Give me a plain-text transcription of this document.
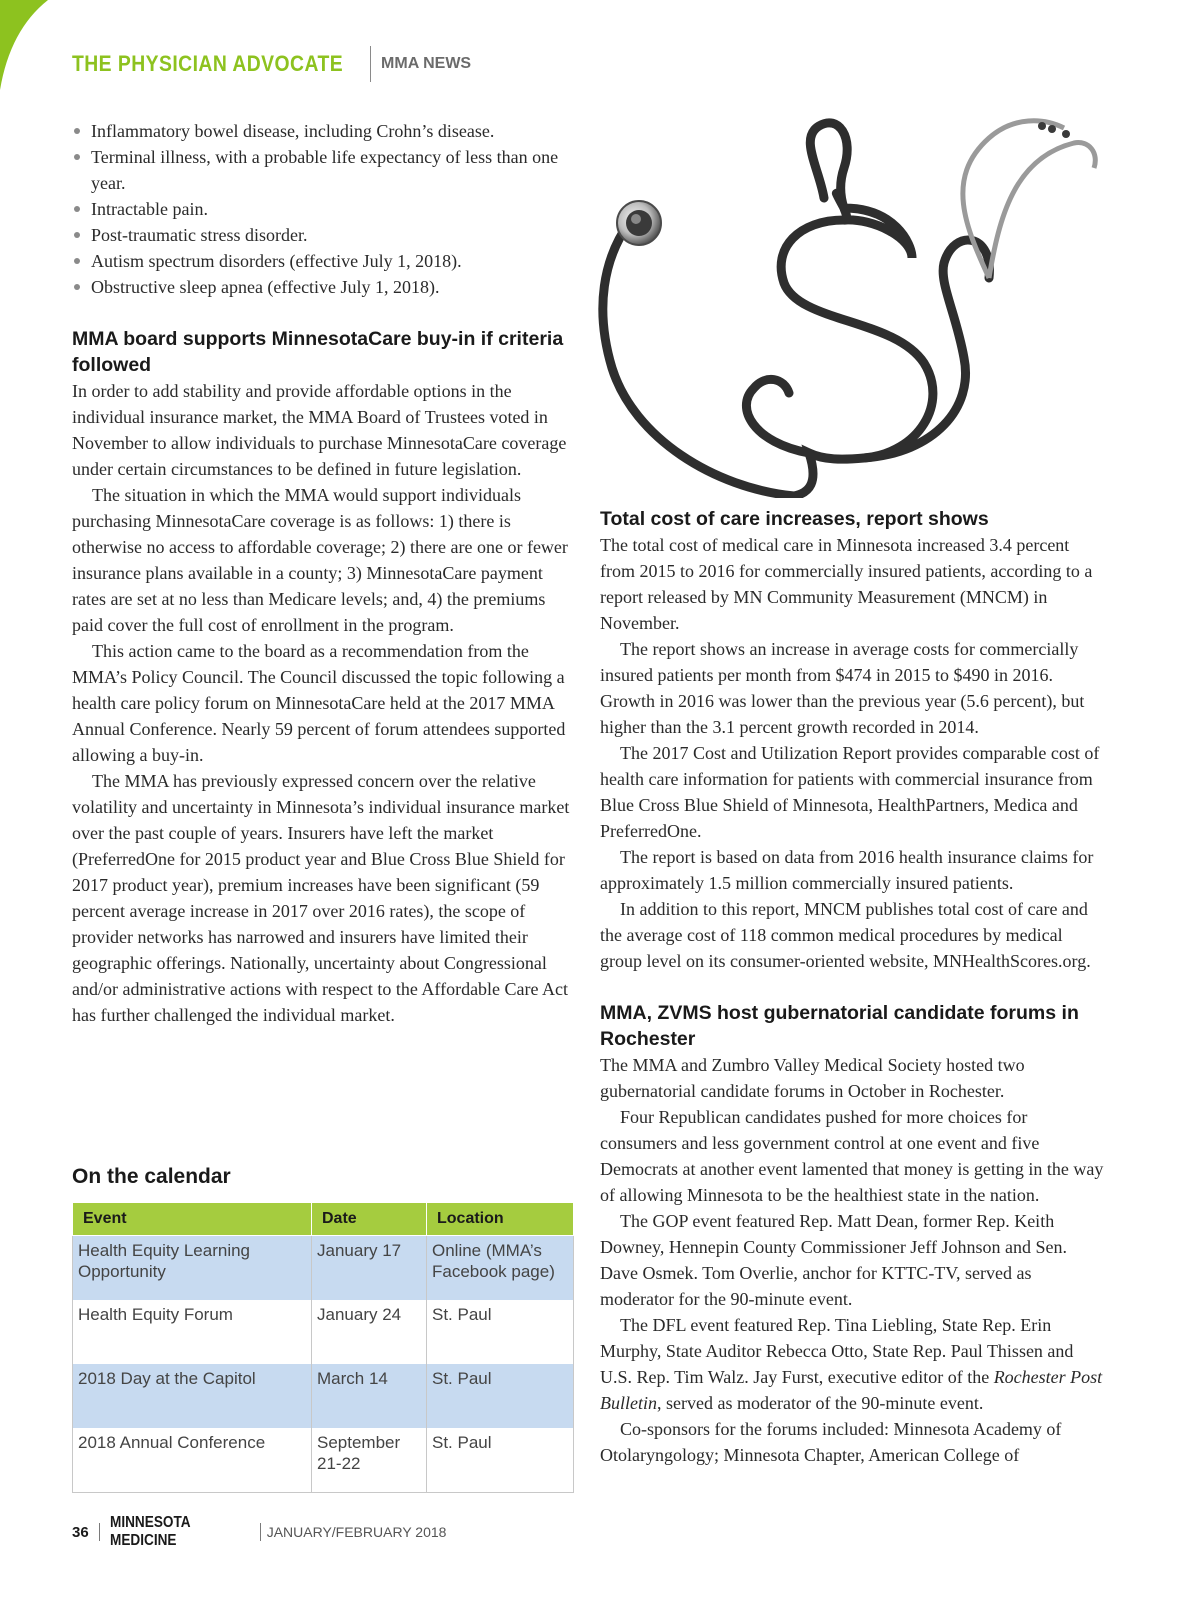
THE PHYSICIAN ADVOCATE MMA NEWS
Inflammatory bowel disease, including Crohn’s disease.
Terminal illness, with a probable life expectancy of less than one year.
Intractable pain.
Post-traumatic stress disorder.
Autism spectrum disorders (effective July 1, 2018).
Obstructive sleep apnea (effective July 1, 2018).
MMA board supports MinnesotaCare buy-in if criteria followed

In order to add stability and provide affordable options in the individual insurance market, the MMA Board of Trustees voted in November to allow individuals to purchase MinnesotaCare coverage under certain circumstances to be defined in future legislation.

The situation in which the MMA would support individuals purchasing MinnesotaCare coverage is as follows: 1) there is otherwise no access to affordable coverage; 2) there are one or fewer insurance plans available in a county; 3) MinnesotaCare payment rates are set at no less than Medicare levels; and, 4) the premiums paid cover the full cost of enrollment in the program.

This action came to the board as a recommendation from the MMA’s Policy Council. The Council discussed the topic following a health care policy forum on MinnesotaCare held at the 2017 MMA Annual Conference. Nearly 59 percent of forum attendees supported allowing a buy-in.

The MMA has previously expressed concern over the relative volatility and uncertainty in Minnesota’s individual insurance market over the past couple of years. Insurers have left the market (PreferredOne for 2015 product year and Blue Cross Blue Shield for 2017 product year), premium increases have been significant (59 percent average increase in 2017 over 2016 rates), the scope of provider networks has narrowed and insurers have limited their geographic offerings. Nationally, uncertainty about Congressional and/or administrative actions with respect to the Affordable Care Act has further challenged the individual market.

On the calendar
Event	Date	Location
Health Equity Learning Opportunity	January 17	Online (MMA’s Facebook page)
Health Equity Forum	January 24	St. Paul
2018 Day at the Capitol	March 14	St. Paul
2018 Annual Conference	September 21-22	St. Paul
Total cost of care increases, report shows

The total cost of medical care in Minnesota increased 3.4 percent from 2015 to 2016 for commercially insured patients, according to a report released by MN Community Measurement (MNCM) in November.

The report shows an increase in average costs for commercially insured patients per month from $474 in 2015 to $490 in 2016. Growth in 2016 was lower than the previous year (5.6 percent), but higher than the 3.1 percent growth recorded in 2014.

The 2017 Cost and Utilization Report provides comparable cost of health care information for patients with commercial insurance from Blue Cross Blue Shield of Minnesota, HealthPartners, Medica and PreferredOne.

The report is based on data from 2016 health insurance claims for approximately 1.5 million commercially insured patients.

In addition to this report, MNCM publishes total cost of care and the average cost of 118 common medical procedures by medical group level on its consumer-oriented website, MNHealthScores.org.

MMA, ZVMS host gubernatorial candidate forums in Rochester

The MMA and Zumbro Valley Medical Society hosted two gubernatorial candidate forums in October in Rochester.

Four Republican candidates pushed for more choices for consumers and less government control at one event and five Democrats at another event lamented that money is getting in the way of allowing Minnesota to be the healthiest state in the nation.

The GOP event featured Rep. Matt Dean, former Rep. Keith Downey, Hennepin County Commissioner Jeff Johnson and Sen. Dave Osmek. Tom Overlie, anchor for KTTC-TV, served as moderator for the 90-minute event.

The DFL event featured Rep. Tina Liebling, State Rep. Erin Murphy, State Auditor Rebecca Otto, State Rep. Paul Thissen and U.S. Rep. Tim Walz. Jay Furst, executive editor of the Rochester Post Bulletin, served as moderator of the 90-minute event.

Co-sponsors for the forums included: Minnesota Academy of Otolaryngology; Minnesota Chapter, American College of

36
MINNESOTA MEDICINE	JANUARY/FEBRUARY 2018
